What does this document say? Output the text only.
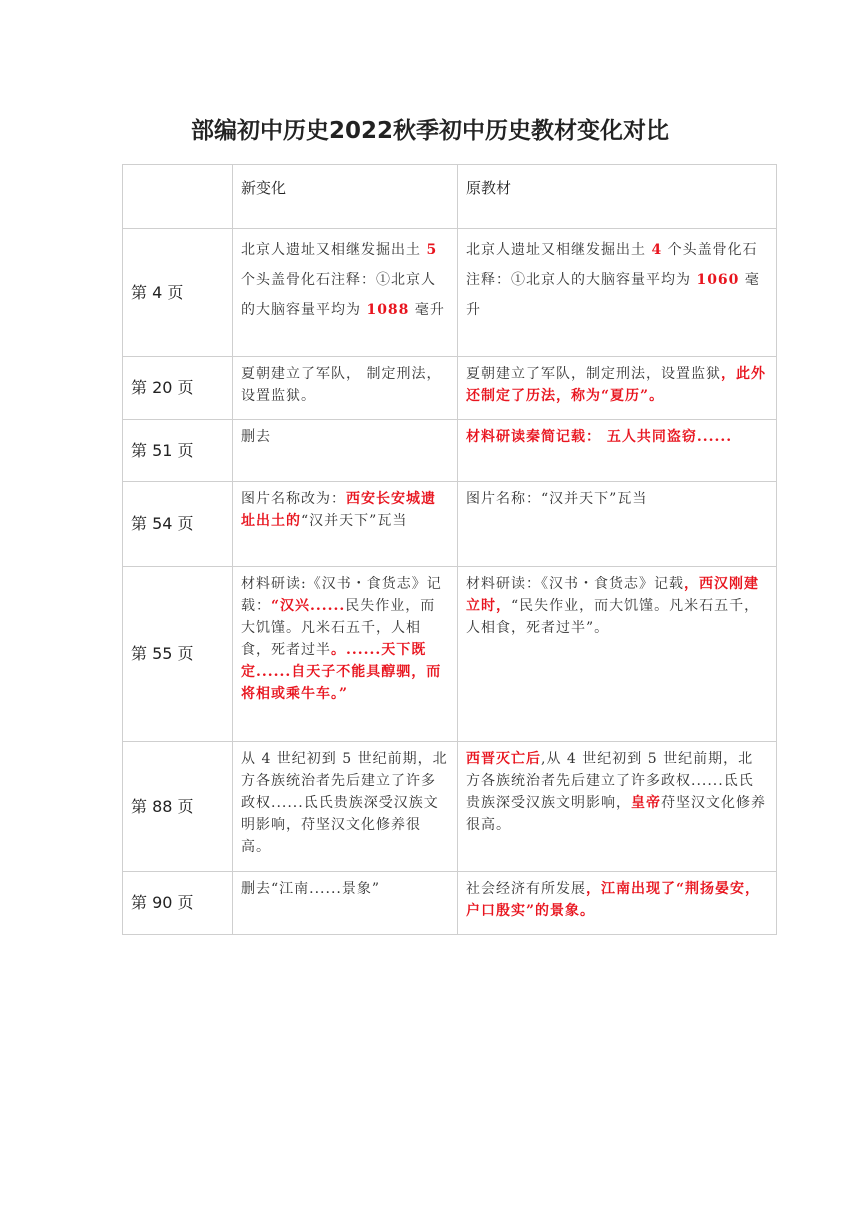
部编初中历史2022秋季初中历史教材变化对比
	新变化	原教材
第 4 页	北京人遗址又相继发掘出土 5 个头盖骨化石注释：①北京人的大脑容量平均为 1088 毫升	北京人遗址又相继发掘出土 4 个头盖骨化石注释：①北京人的大脑容量平均为 1060 毫升
第 20 页	夏朝建立了军队， 制定刑法，设置监狱。	夏朝建立了军队，制定刑法，设置监狱，此外还制定了历法，称为“夏历”。
第 51 页	删去	材料研读秦简记载： 五人共同盗窃......
第 54 页	图片名称改为：西安长安城遗址出土的“汉并天下”瓦当	图片名称：“汉并天下”瓦当
第 55 页	材料研读:《汉书・食货志》记载：“汉兴......民失作业，而大饥馑。凡米石五千，人相食，死者过半。......天下既定......自天子不能具醇驷，而将相或乘牛车。”	材料研读：《汉书・食货志》记载，西汉刚建立时，“民失作业，而大饥馑。凡米石五千，人相食，死者过半”。
第 88 页	从 4 世纪初到 5 世纪前期，北方各族统治者先后建立了许多政权......氐氏贵族深受汉族文明影响，苻坚汉文化修养很高。	西晋灭亡后,从 4 世纪初到 5 世纪前期，北方各族统治者先后建立了许多政权......氐氏贵族深受汉族文明影响，皇帝苻坚汉文化修养很高。
第 90 页	删去“江南......景象”	社会经济有所发展，江南出现了“荆扬晏安，户口殷实”的景象。
